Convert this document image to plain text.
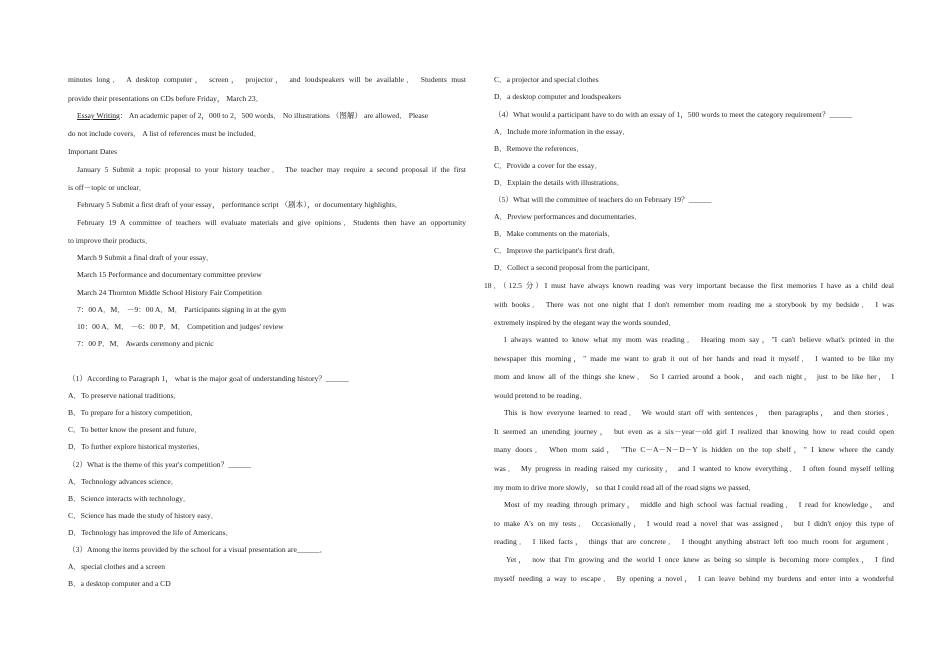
minutes long． A desktop computer， screen， projector， and loudspeakers will be available． Students must
provide their presentations on CDs before Friday， March 23．
Essay Writing： An academic paper of 2，000 to 2，500 words． No illustrations （图解） are allowed． Please
do not include covers． A list of references must be included．
Important Dates
January 5 Submit a topic proposal to your history teacher． The teacher may require a second proposal if the first
is off－topic or unclear．
February 5 Submit a first draft of your essay， performance script （剧本），or documentary highlights．
February 19 A committee of teachers will evaluate materials and give opinions．Students then have an opportunity
to improve their products．
March 9 Submit a final draft of your essay．
March 15 Performance and documentary committee preview
March 24 Thornton Middle School History Fair Competition
7：00 A．M． －9：00 A．M． Participants signing in at the gym
10：00 A．M． －6：00 P．M． Competition and judges' review
7：00 P．M． Awards ceremony and picnic
（1）According to Paragraph 1， what is the major goal of understanding history？______
A．To preserve national traditions．
B．To prepare for a history competition．
C．To better know the present and future．
D．To further explore historical mysteries．
（2）What is the theme of this year's competition？______
A．Technology advances science．
B．Science interacts with technology．
C．Science has made the study of history easy．
D．Technology has improved the life of Americans．
（3）Among the items provided by the school for a visual presentation are______．
A．special clothes and a screen
B．a desktop computer and a CD
C．a projector and special clothes
D．a desktop computer and loudspeakers
（4）What would a participant have to do with an essay of 1，500 words to meet the category requirement？______
A．Include more information in the essay．
B．Remove the references．
C．Provide a cover for the essay．
D．Explain the details with illustrations．
（5）What will the committee of teachers do on February 19？______
A．Preview performances and documentaries．
B．Make comments on the materials．
C．Improve the participant's first draft．
D．Collect a second proposal from the participant．
18．（12.5 分）I must have always known reading was very important because the first memories I have as a child deal
with books． There was not one night that I don't remember mom reading me a storybook by my bedside． I was
extremely inspired by the elegant way the words sounded．
I always wanted to know what my mom was reading． Hearing mom say，"I can't believe what's printed in the
newspaper this morning，" made me want to grab it out of her hands and read it myself． I wanted to be like my
mom and know all of the things she knew． So I carried around a book， and each night， just to be like her， I
would pretend to be reading．
This is how everyone learned to read． We would start off with sentences， then paragraphs， and then stories．
It seemed an unending journey， but even as a six－year－old girl I realized that knowing how to read could open
many doors． When mom said， "The C－A－N－D－Y is hidden on the top shelf，" I knew where the candy
was． My progress in reading raised my curiosity， and I wanted to know everything． I often found myself telling
my mom to drive more slowly， so that I could read all of the road signs we passed．
Most of my reading through primary， middle and high school was factual reading． I read for knowledge， and
to make A's on my tests． Occasionally， I would read a novel that was assigned， but I didn't enjoy this type of
reading． I liked facts， things that are concrete． I thought anything abstract left too much room for argument．
Yet， now that I'm growing and the world I once knew as being so simple is becoming more complex， I find
myself needing a way to escape． By opening a novel， I can leave behind my burdens and enter into a wonderful
